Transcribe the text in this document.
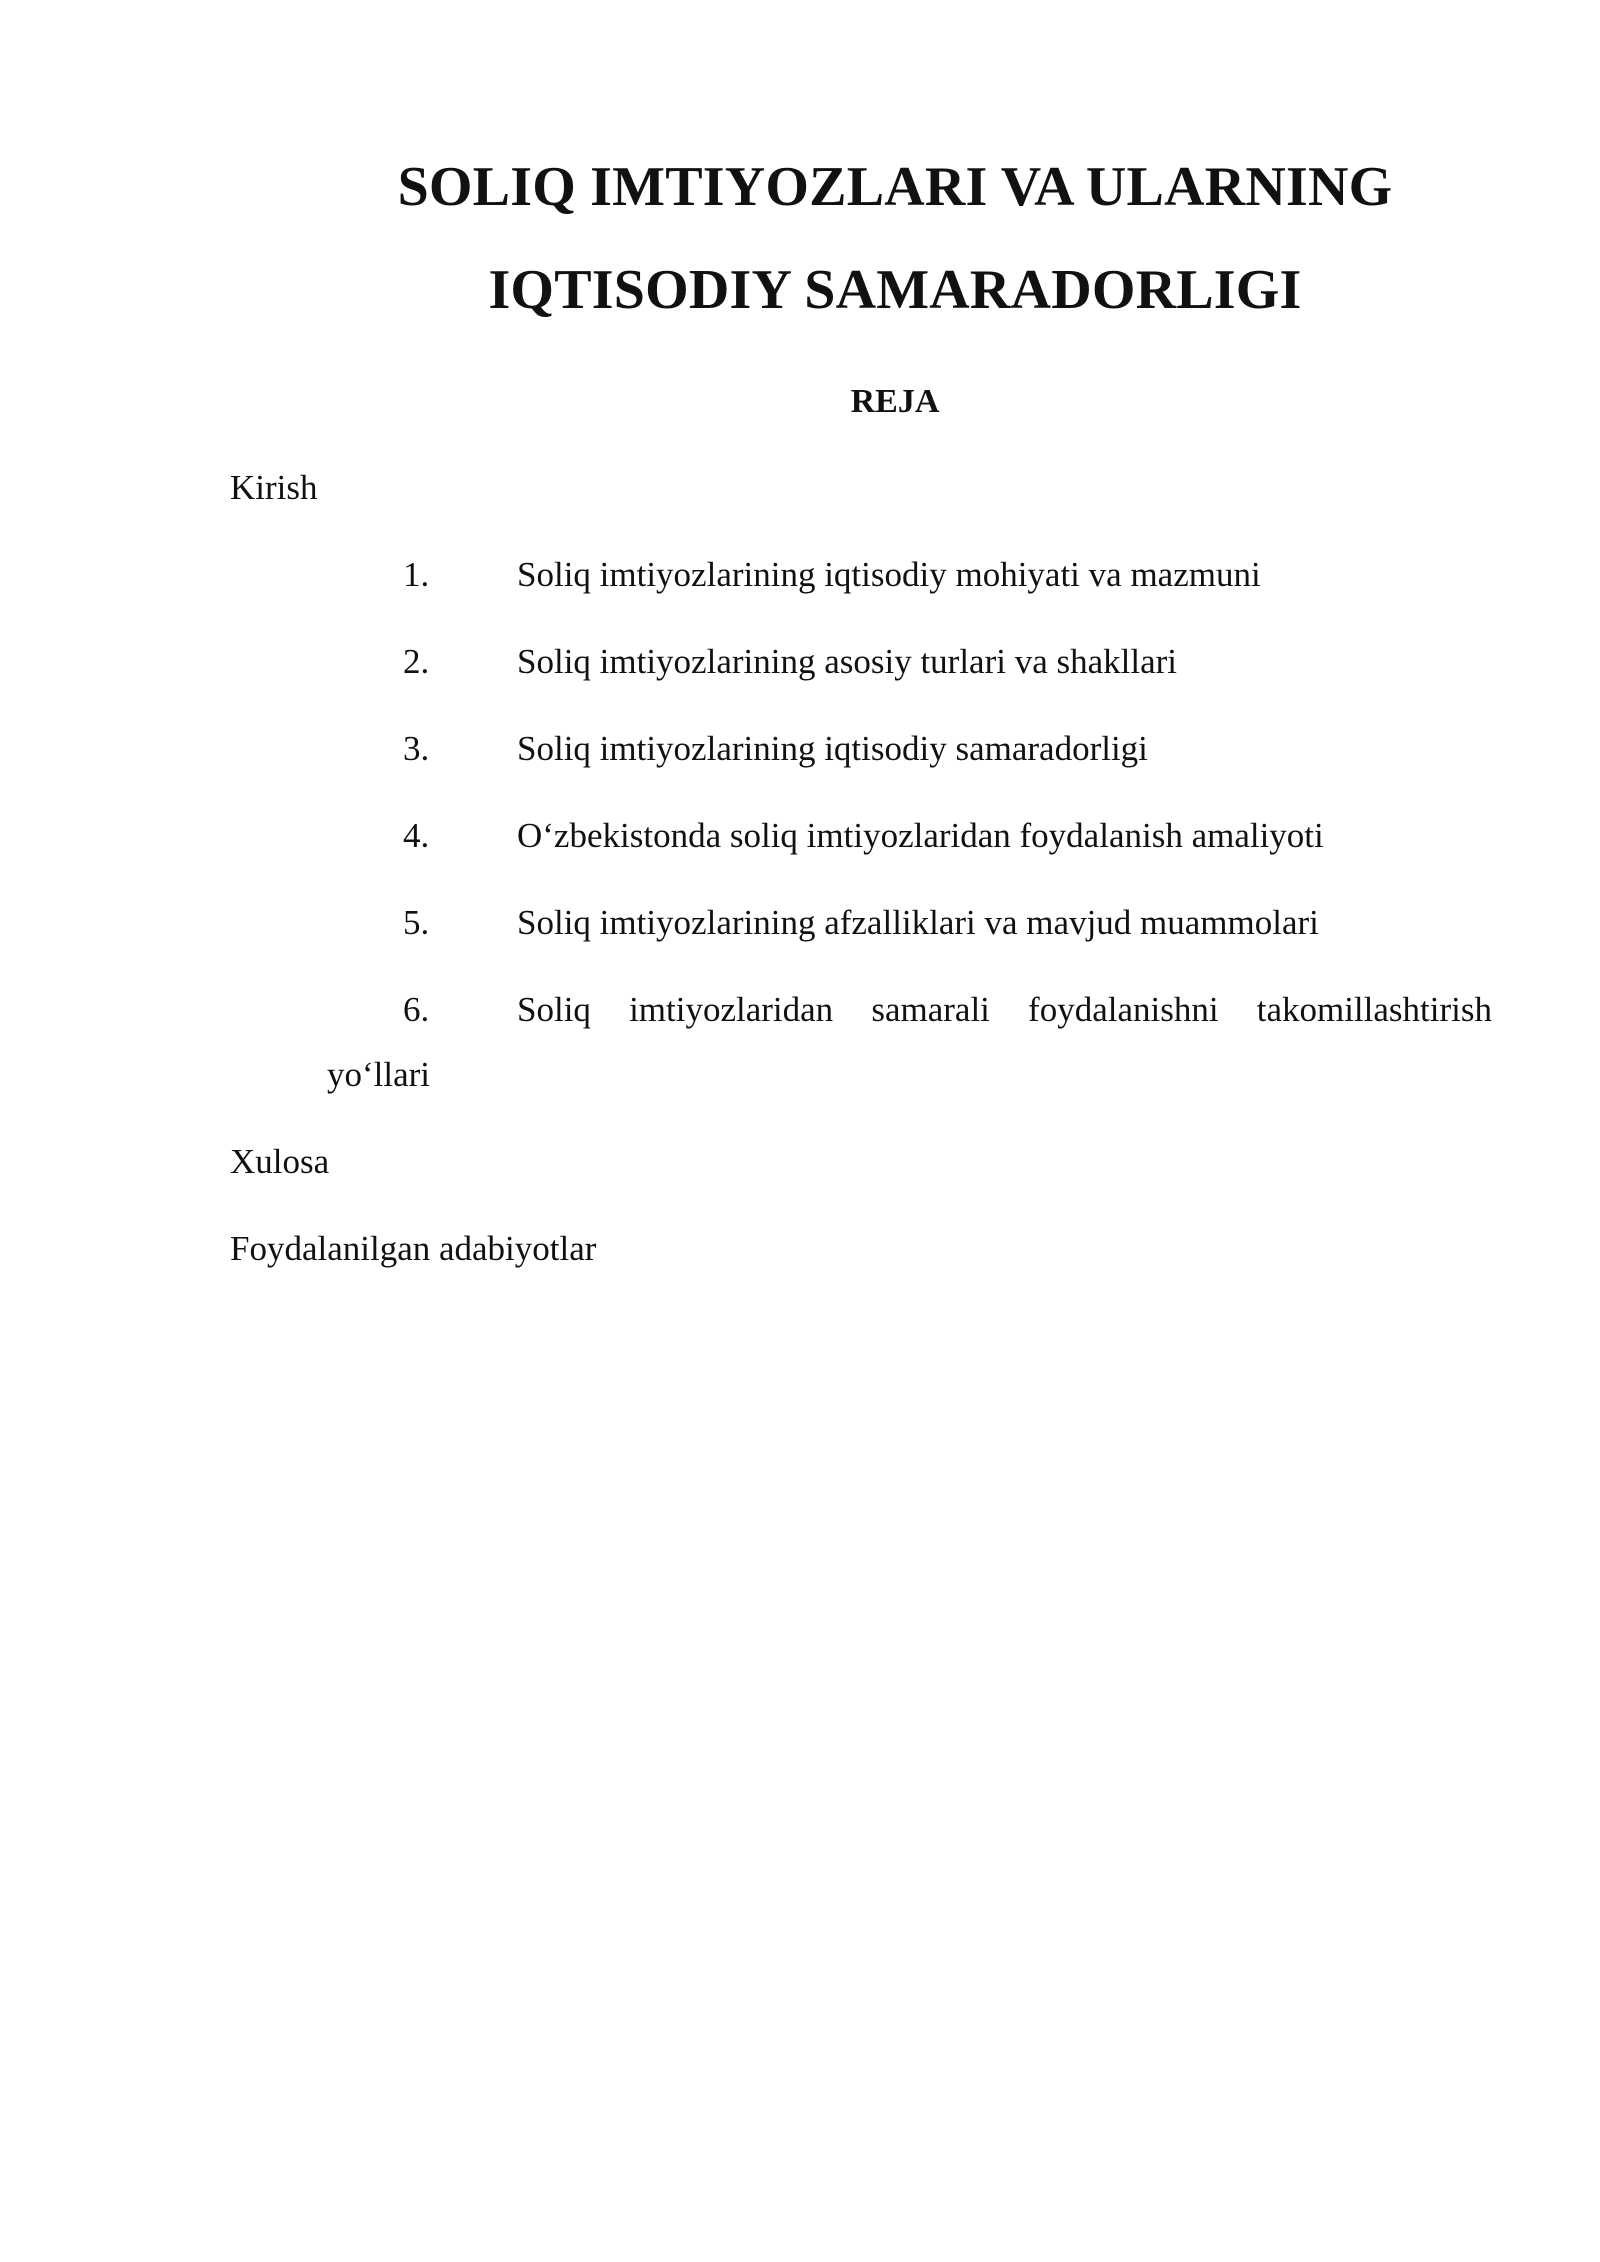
SOLIQ IMTIYOZLARI VA ULARNING
IQTISODIY SAMARADORLIGI
REJA
Kirish
1.	Soliq imtiyozlarining iqtisodiy mohiyati va mazmuni
2.	Soliq imtiyozlarining asosiy turlari va shakllari
3.	Soliq imtiyozlarining iqtisodiy samaradorligi
4.	O‘zbekistonda soliq imtiyozlaridan foydalanish amaliyoti
5.	Soliq imtiyozlarining afzalliklari va mavjud muammolari
6.	Soliq imtiyozlaridan samarali foydalanishni takomillashtirish
yo‘llari
Xulosa
Foydalanilgan adabiyotlar
